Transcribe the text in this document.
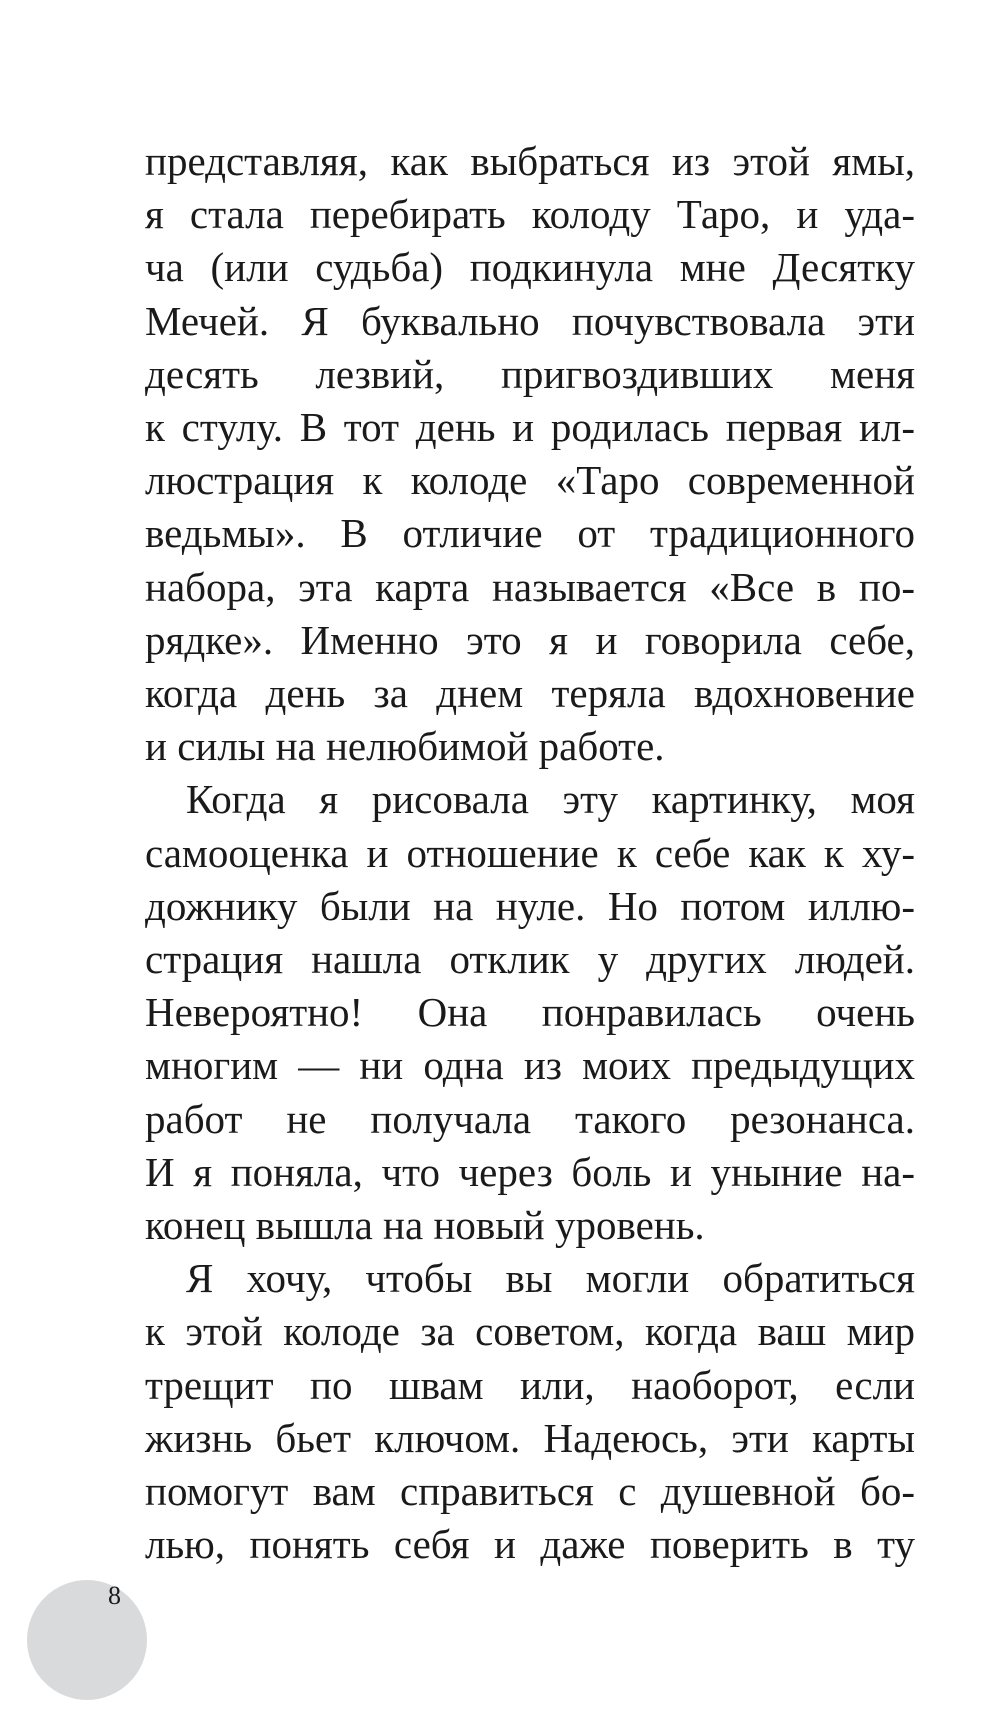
представляя, как выбраться из этой ямы,
я стала перебирать колоду Таро, и уда-
ча (или судьба) подкинула мне Десятку
Мечей. Я буквально почувствовала эти
десять лезвий, пригвоздивших меня
к стулу. В тот день и родилась первая ил-
люстрация к колоде «Таро современной
ведьмы». В отличие от традиционного
набора, эта карта называется «Все в по-
рядке». Именно это я и говорила себе,
когда день за днем теряла вдохновение
и силы на нелюбимой работе.
Когда я рисовала эту картинку, моя
самооценка и отношение к себе как к ху-
дожнику были на нуле. Но потом иллю-
страция нашла отклик у других людей.
Невероятно! Она понравилась очень
многим — ни одна из моих предыдущих
работ не получала такого резонанса.
И я поняла, что через боль и уныние на-
конец вышла на новый уровень.
Я хочу, чтобы вы могли обратиться
к этой колоде за советом, когда ваш мир
трещит по швам или, наоборот, если
жизнь бьет ключом. Надеюсь, эти карты
помогут вам справиться с душевной бо-
лью, понять себя и даже поверить в ту
8
